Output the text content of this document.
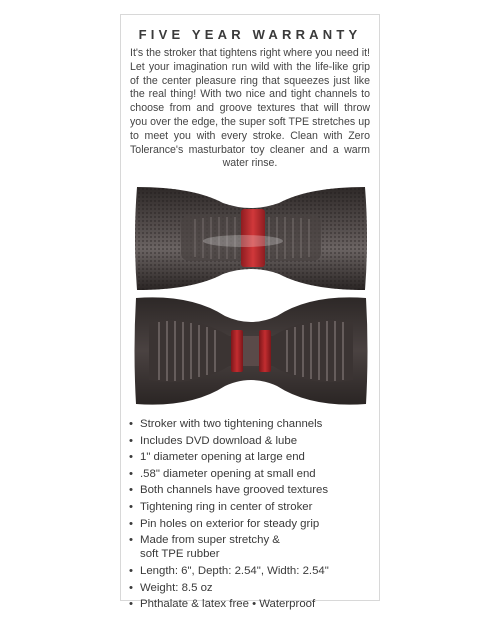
FIVE YEAR WARRANTY
It's the stroker that tightens right where you need it! Let your imagination run wild with the life-like grip of the center pleasure ring that squeezes just like the real thing! With two nice and tight channels to choose from and groove textures that will throw you over the edge, the super soft TPE stretches up to meet you with every stroke. Clean with Zero Tolerance's masturbator toy cleaner and a warm water rinse.
• Stroker with two tightening channels
• Includes DVD download & lube
• 1" diameter opening at large end
• .58" diameter opening at small end
• Both channels have grooved textures
• Tightening ring in center of stroker
• Pin holes on exterior for steady grip
• Made from super stretchy & soft TPE rubber
• Length: 6", Depth: 2.54", Width: 2.54"
• Weight: 8.5 oz
• Phthalate & latex free • Waterproof
